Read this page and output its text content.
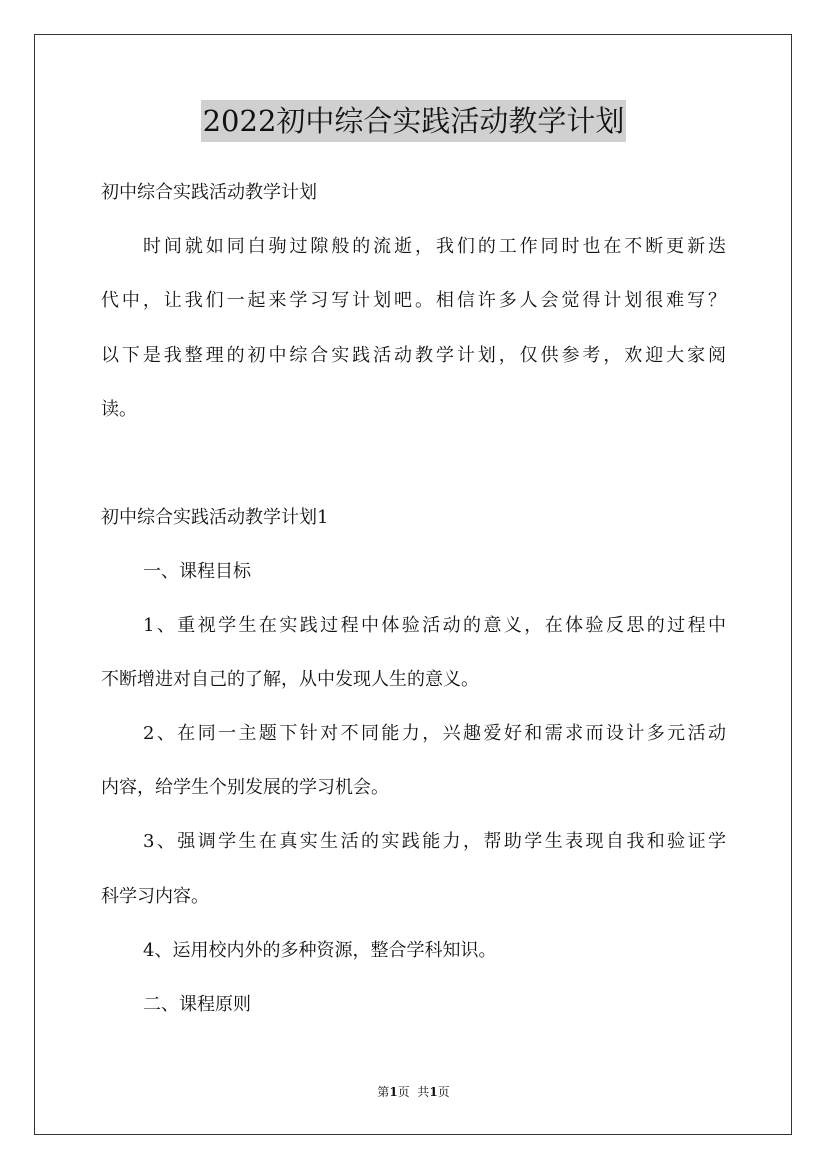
2022初中综合实践活动教学计划
初中综合实践活动教学计划
时间就如同白驹过隙般的流逝，我们的工作同时也在不断更新迭
代中，让我们一起来学习写计划吧。相信许多人会觉得计划很难写？
以下是我整理的初中综合实践活动教学计划，仅供参考，欢迎大家阅
读。
初中综合实践活动教学计划1
一、课程目标
1、重视学生在实践过程中体验活动的意义，在体验反思的过程中
不断增进对自己的了解，从中发现人生的意义。
2、在同一主题下针对不同能力，兴趣爱好和需求而设计多元活动
内容，给学生个别发展的学习机会。
3、强调学生在真实生活的实践能力，帮助学生表现自我和验证学
科学习内容。
4、运用校内外的多种资源，整合学科知识。
二、课程原则
第1页  共1页
